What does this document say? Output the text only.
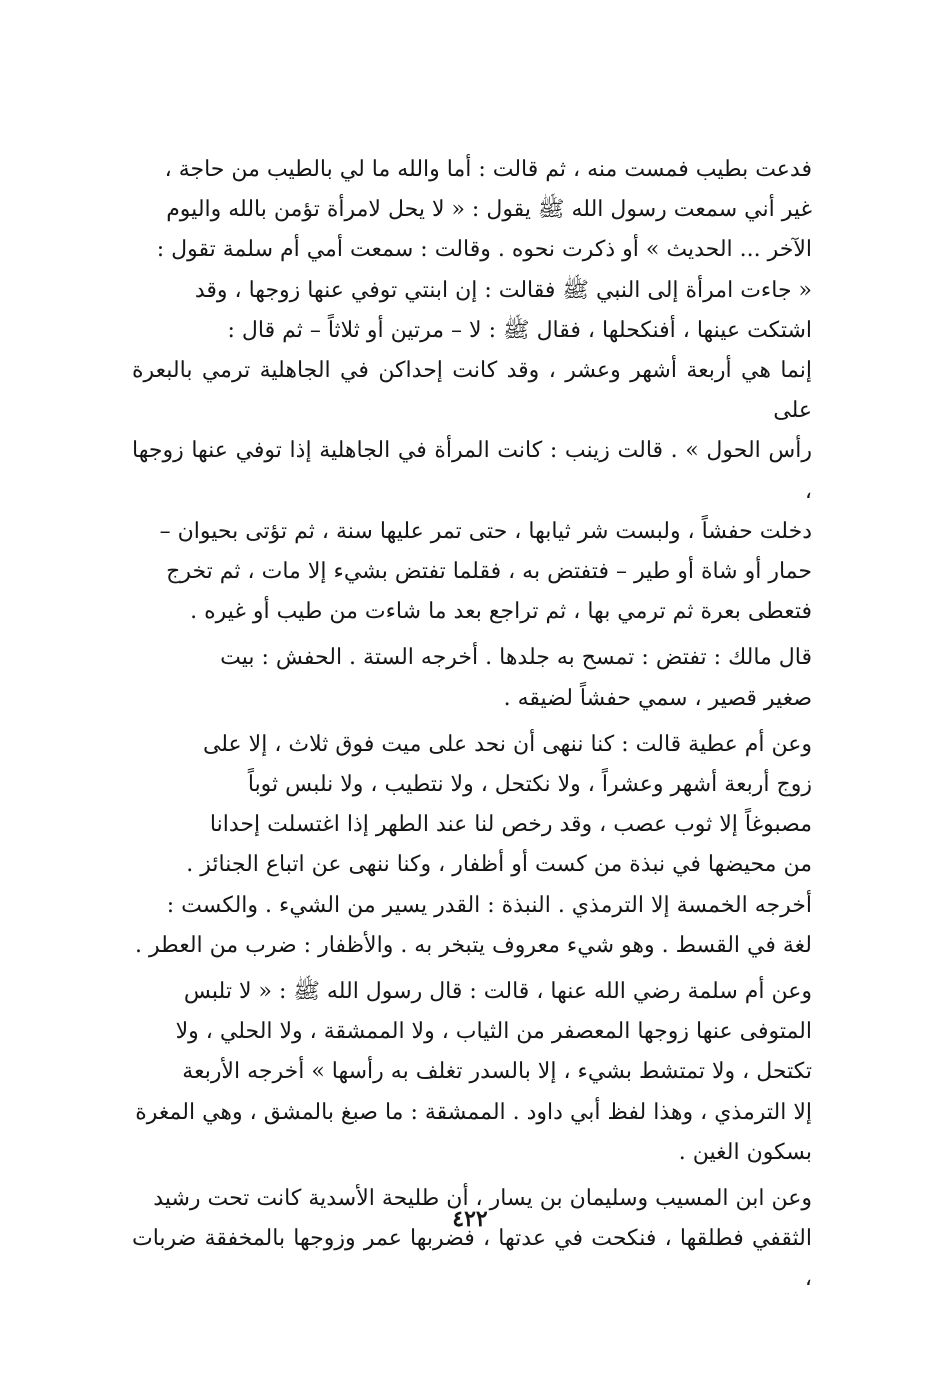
فدعت بطيب فمست منه ، ثم قالت : أما والله ما لي بالطيب من حاجة ،
غير أني سمعت رسول الله ﷺ يقول : « لا يحل لامرأة تؤمن بالله واليوم
الآخر ... الحديث » أو ذكرت نحوه . وقالت : سمعت أمي أم سلمة تقول :
« جاءت امرأة إلى النبي ﷺ فقالت : إن ابنتي توفي عنها زوجها ، وقد
اشتكت عينها ، أفنكحلها ، فقال ﷺ : لا – مرتين أو ثلاثاً – ثم قال :
إنما هي أربعة أشهر وعشر ، وقد كانت إحداكن في الجاهلية ترمي بالبعرة على
رأس الحول » . قالت زينب : كانت المرأة في الجاهلية إذا توفي عنها زوجها ،
دخلت حفشاً ، ولبست شر ثيابها ، حتى تمر عليها سنة ، ثم تؤتى بحيوان –
حمار أو شاة أو طير – فتفتض به ، فقلما تفتض بشيء إلا مات ، ثم تخرج
فتعطى بعرة ثم ترمي بها ، ثم تراجع بعد ما شاءت من طيب أو غيره .

قال مالك : تفتض : تمسح به جلدها . أخرجه الستة . الحفش : بيت
صغير قصير ، سمي حفشاً لضيقه .

وعن أم عطية قالت : كنا ننهى أن نحد على ميت فوق ثلاث ، إلا على
زوج أربعة أشهر وعشراً ، ولا نكتحل ، ولا نتطيب ، ولا نلبس ثوباً
مصبوغاً إلا ثوب عصب ، وقد رخص لنا عند الطهر إذا اغتسلت إحدانا
من محيضها في نبذة من كست أو أظفار ، وكنا ننهى عن اتباع الجنائز .
أخرجه الخمسة إلا الترمذي . النبذة : القدر يسير من الشيء . والكست :
لغة في القسط . وهو شيء معروف يتبخر به . والأظفار : ضرب من العطر .

وعن أم سلمة رضي الله عنها ، قالت : قال رسول الله ﷺ : « لا تلبس
المتوفى عنها زوجها المعصفر من الثياب ، ولا الممشقة ، ولا الحلي ، ولا
تكتحل ، ولا تمتشط بشيء ، إلا بالسدر تغلف به رأسها » أخرجه الأربعة
إلا الترمذي ، وهذا لفظ أبي داود . الممشقة : ما صبغ بالمشق ، وهي المغرة
بسكون الغين .

وعن ابن المسيب وسليمان بن يسار ، أن طليحة الأسدية كانت تحت رشيد
الثقفي فطلقها ، فنكحت في عدتها ، فضربها عمر وزوجها بالمخفقة ضربات ،

٤٢٢
